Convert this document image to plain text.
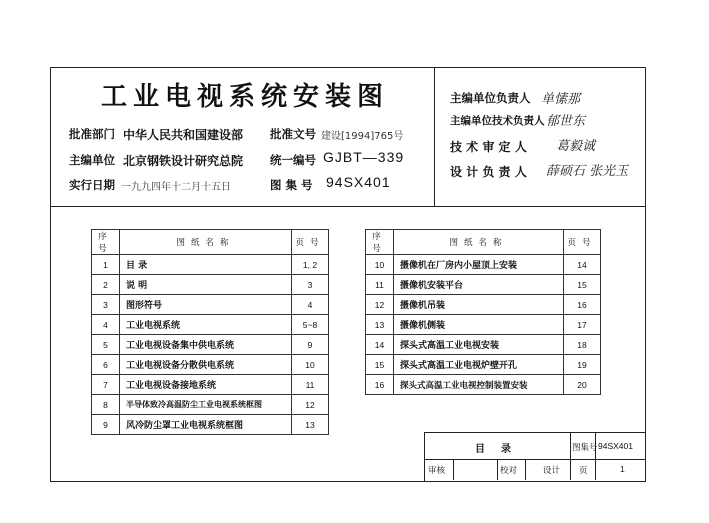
工业电视系统安装图
批准部门 中华人民共和国建设部 批准文号 建设[1994]765号
主编单位 北京钢铁设计研究总院 统一编号 GJBT—339
实行日期 一九九四年十二月十五日	图 集 号 94SX401
主编单位负责人 单愫那
主编单位技术负责人 郁世东
技 术 审 定 人 葛毅诚
设 计 负 责 人 薛硕石 张光玉
序号	图纸名称	页号
1	目 录	1, 2
2	说 明	3
3	图形符号	4
4	工业电视系统	5~8
5	工业电视设备集中供电系统	9
6	工业电视设备分散供电系统	10
7	工业电视设备接地系统	11
8	半导体致冷高温防尘工业电视系统框图	12
9	风冷防尘罩工业电视系统框图	13
序号	图纸名称	页号
10	摄像机在厂房内小屋顶上安装	14
11	摄像机安装平台	15
12	摄像机吊装	16
13	摄像机侧装	17
14	探头式高温工业电视安装	18
15	探头式高温工业电视炉壁开孔	19
16	探头式高温工业电视控制装置安装	20
目　录	图集号 94SX401
审核	校对	设计 页	1
